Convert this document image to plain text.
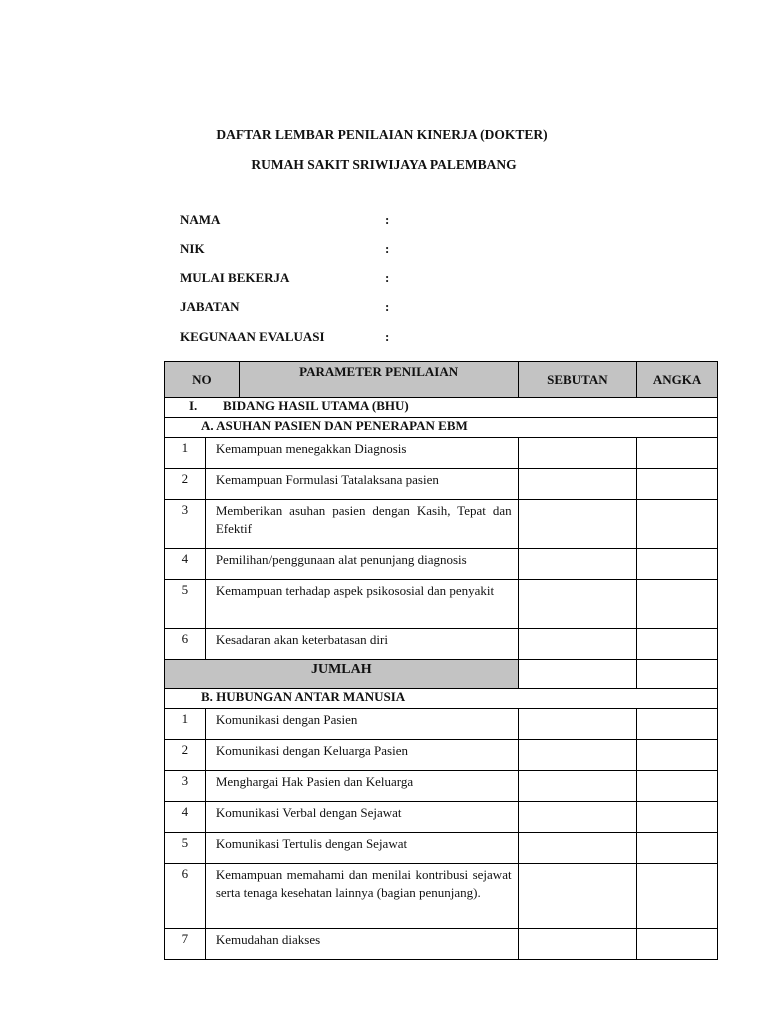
DAFTAR LEMBAR PENILAIAN KINERJA (DOKTER)
RUMAH SAKIT SRIWIJAYA PALEMBANG
NAMA	:
NIK	:
MULAI BEKERJA	:
JABATAN	:
KEGUNAAN EVALUASI	:
NO		PARAMETER PENILAIAN	SEBUTAN	ANGKA
I. BIDANG HASIL UTAMA (BHU)				
A. ASUHAN PASIEN DAN PENERAPAN EBM				
1	Kemampuan menegakkan Diagnosis			
2	Kemampuan Formulasi Tatalaksana pasien			
3	Memberikan asuhan pasien dengan Kasih, Tepat dan Efektif			
4	Pemilihan/penggunaan alat penunjang diagnosis			
5	Kemampuan terhadap aspek psikososial dan penyakit			
6	Kesadaran akan keterbatasan diri			
JUMLAH				
B. HUBUNGAN ANTAR MANUSIA				
1	Komunikasi dengan Pasien			
2	Komunikasi dengan Keluarga Pasien			
3	Menghargai Hak Pasien dan Keluarga			
4	Komunikasi Verbal dengan Sejawat			
5	Komunikasi Tertulis dengan Sejawat			
6	Kemampuan memahami dan menilai kontribusi sejawat serta tenaga kesehatan lainnya (bagian penunjang).			
7	Kemudahan diakses			
